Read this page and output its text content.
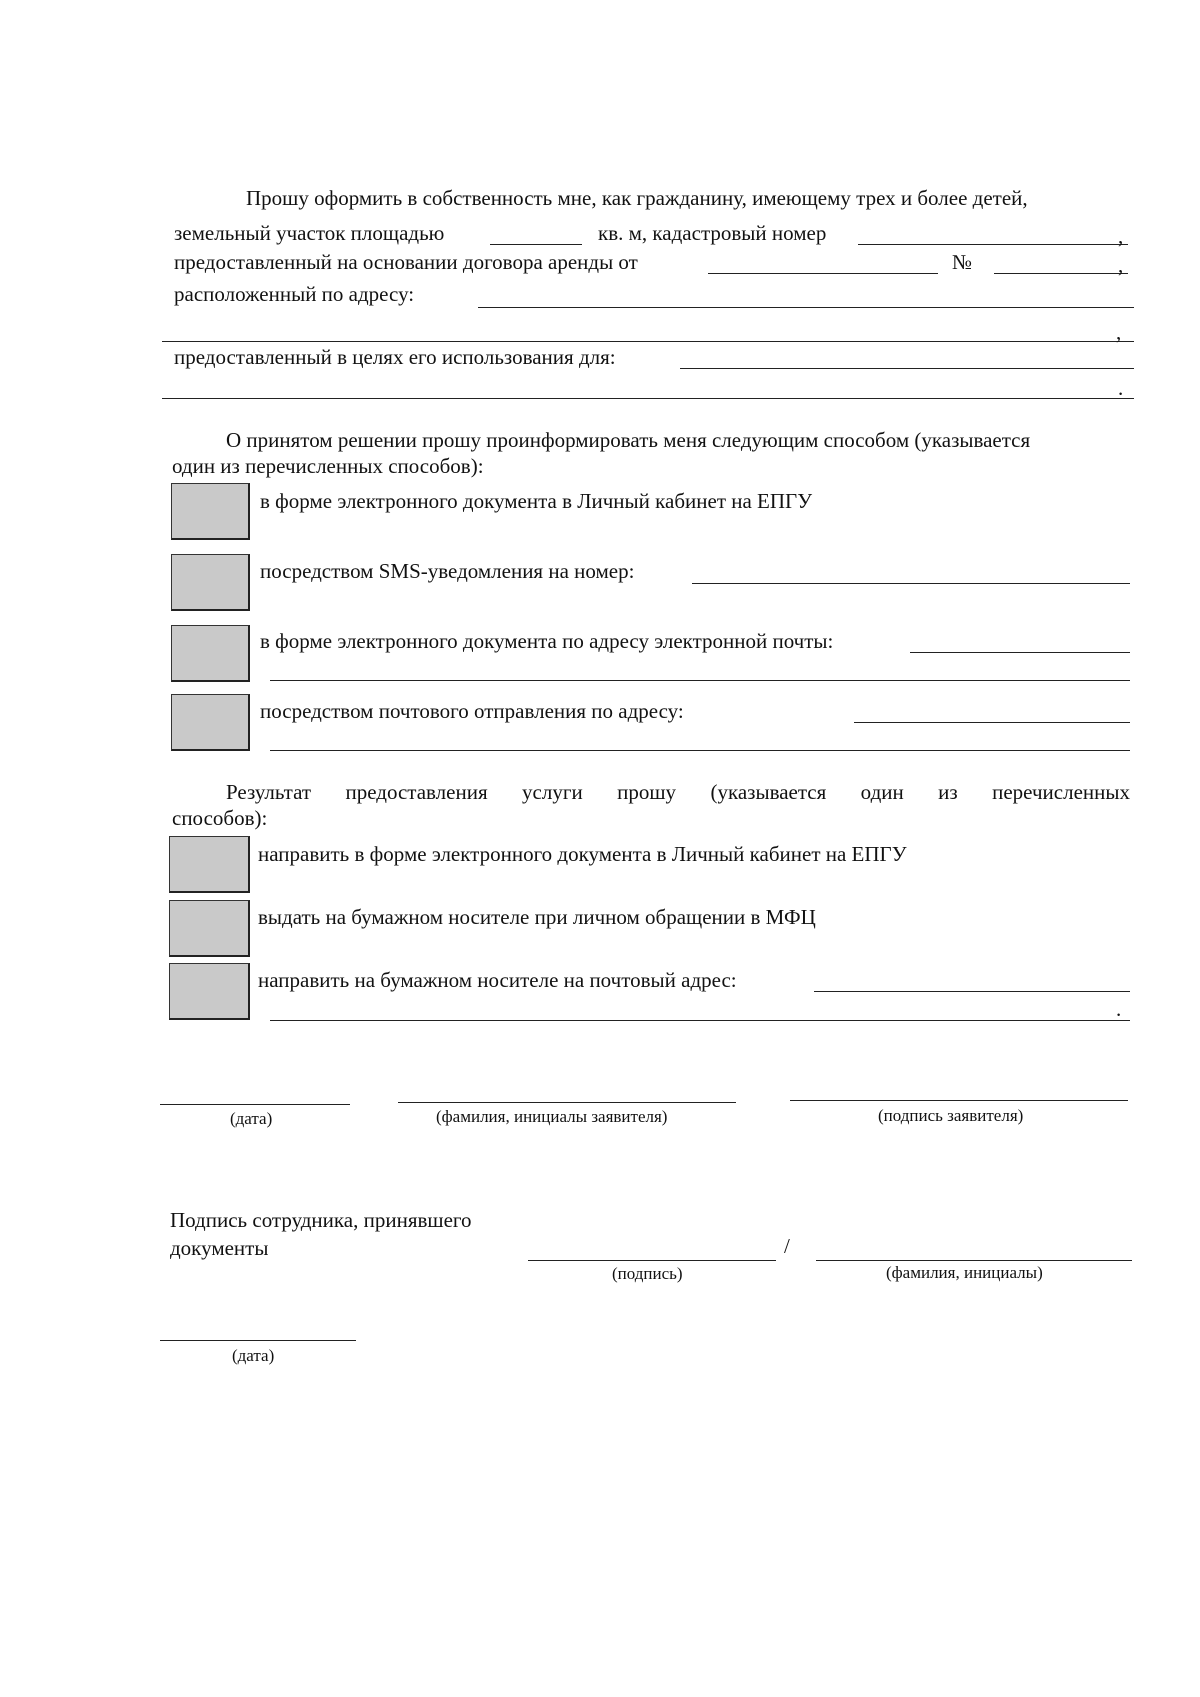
Прошу оформить в собственность мне, как гражданину, имеющему трех и более детей,
земельный участок площадью	кв. м, кадастровый номер	,
предоставленный на основании договора аренды от	№	,
расположенный по адресу:
,
предоставленный в целях его использования для:
.
О принятом решении прошу проинформировать меня следующим способом (указывается
один из перечисленных способов):
в форме электронного документа в Личный кабинет на ЕПГУ
посредством SMS-уведомления на номер:
в форме электронного документа по адресу электронной почты:
посредством почтового отправления по адресу:
Результат предоставления услуги прошу (указывается один из перечисленных
способов):
направить в форме электронного документа в Личный кабинет на ЕПГУ
выдать на бумажном носителе при личном обращении в МФЦ
направить на бумажном носителе на почтовый адрес:
.
(дата)	(фамилия, инициалы заявителя)	(подпись заявителя)
Подпись сотрудника, принявшего
документы	/
(подпись)	(фамилия, инициалы)
(дата)
